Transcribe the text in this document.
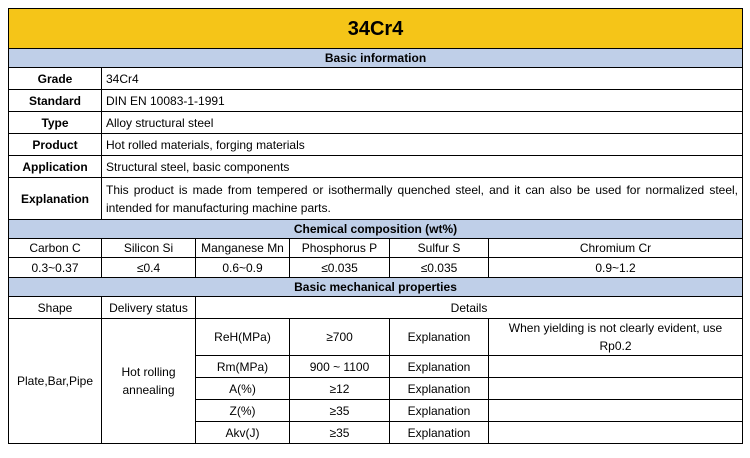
34Cr4					
Basic information					
Grade	34Cr4				
Standard	DIN EN 10083-1-1991				
Type	Alloy structural steel				
Product	Hot rolled materials, forging materials				
Application	Structural steel, basic components				
Explanation	This product is made from tempered or isothermally quenched steel, and it can also be used for normalized steel, intended for manufacturing machine parts.				
Chemical composition (wt%)					
Carbon C	Silicon Si	Manganese Mn	Phosphorus P	Sulfur S	Chromium Cr
0.3~0.37	≤0.4	0.6~0.9	≤0.035	≤0.035	0.9~1.2
Basic mechanical properties					
Shape	Delivery status	Details			
Plate,Bar,Pipe	Hot rolling annealing	ReH(MPa)	≥700	Explanation	When yielding is not clearly evident, use Rp0.2
		Rm(MPa)	900 ~ 1100	Explanation	
		A(%)	≥12	Explanation	
		Z(%)	≥35	Explanation	
		Akv(J)	≥35	Explanation	
